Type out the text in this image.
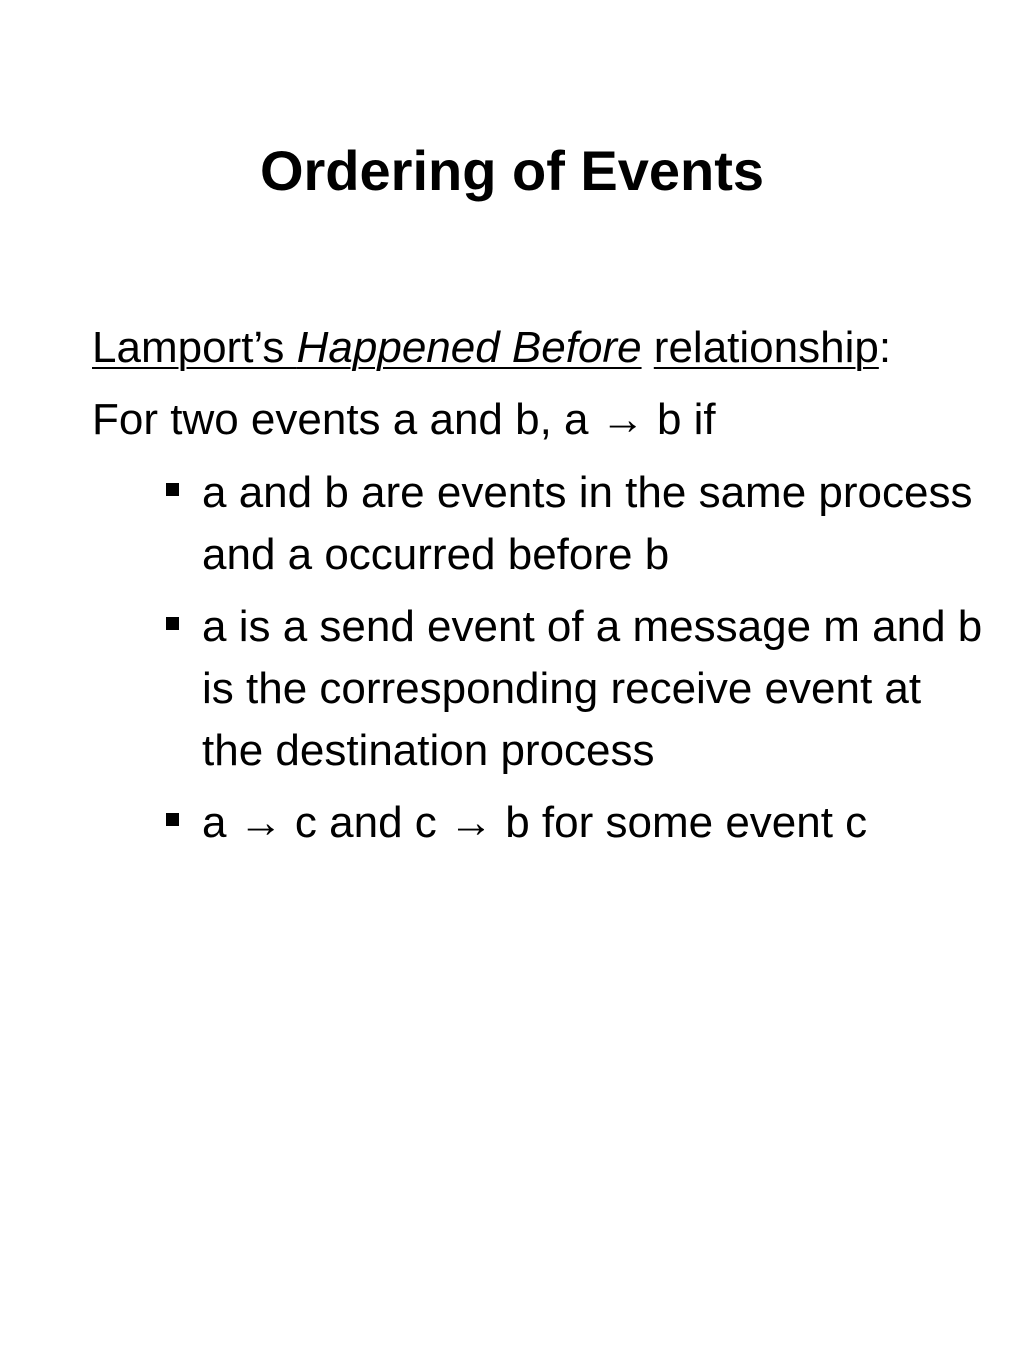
Ordering of Events

Lamport’s Happened Before relationship:

For two events a and b, a → b if

a and b are events in the same process and a occurred before b
a is a send event of a message m and b is the corresponding receive event at the destination process
a → c and c → b for some event c
